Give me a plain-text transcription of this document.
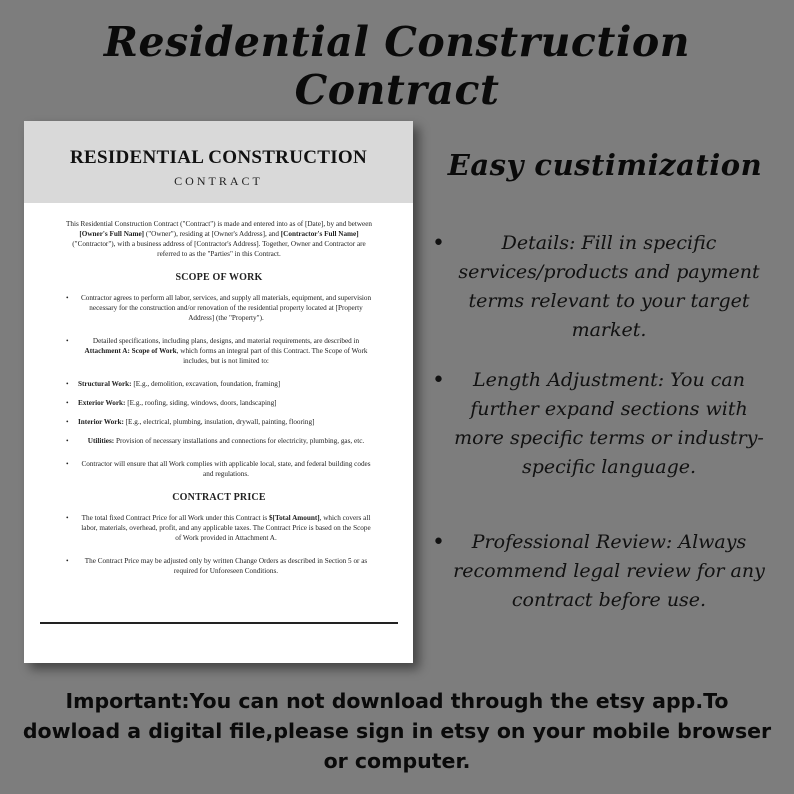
Residential Construction Contract
RESIDENTIAL CONSTRUCTION
CONTRACT

This Residential Construction Contract ("Contract") is made and entered into as of [Date], by and between [Owner's Full Name] ("Owner"), residing at [Owner's Address], and [Contractor's Full Name] ("Contractor"), with a business address of [Contractor's Address]. Together, Owner and Contractor are referred to as the "Parties" in this Contract.

SCOPE OF WORK
• Contractor agrees to perform all labor, services, and supply all materials, equipment, and supervision necessary for the construction and/or renovation of the residential property located at [Property Address] (the "Property").
• Detailed specifications, including plans, designs, and material requirements, are described in Attachment A: Scope of Work, which forms an integral part of this Contract. The Scope of Work includes, but is not limited to:
• Structural Work: [E.g., demolition, excavation, foundation, framing]
• Exterior Work: [E.g., roofing, siding, windows, doors, landscaping]
• Interior Work: [E.g., electrical, plumbing, insulation, drywall, painting, flooring]
• Utilities: Provision of necessary installations and connections for electricity, plumbing, gas, etc.
• Contractor will ensure that all Work complies with applicable local, state, and federal building codes and regulations.
CONTRACT PRICE
• The total fixed Contract Price for all Work under this Contract is $[Total Amount], which covers all labor, materials, overhead, profit, and any applicable taxes. The Contract Price is based on the Scope of Work provided in Attachment A.
• The Contract Price may be adjusted only by written Change Orders as described in Section 5 or as required for Unforeseen Conditions.
Easy custimization
•	Details: Fill in specific services/products and payment terms relevant to your target market.
•	Length Adjustment: You can further expand sections with more specific terms or industry-specific language.
•	Professional Review: Always recommend legal review for any contract before use.
Important:You can not download through the etsy app.To dowload a digital file,please sign in etsy on your mobile browser or computer.
